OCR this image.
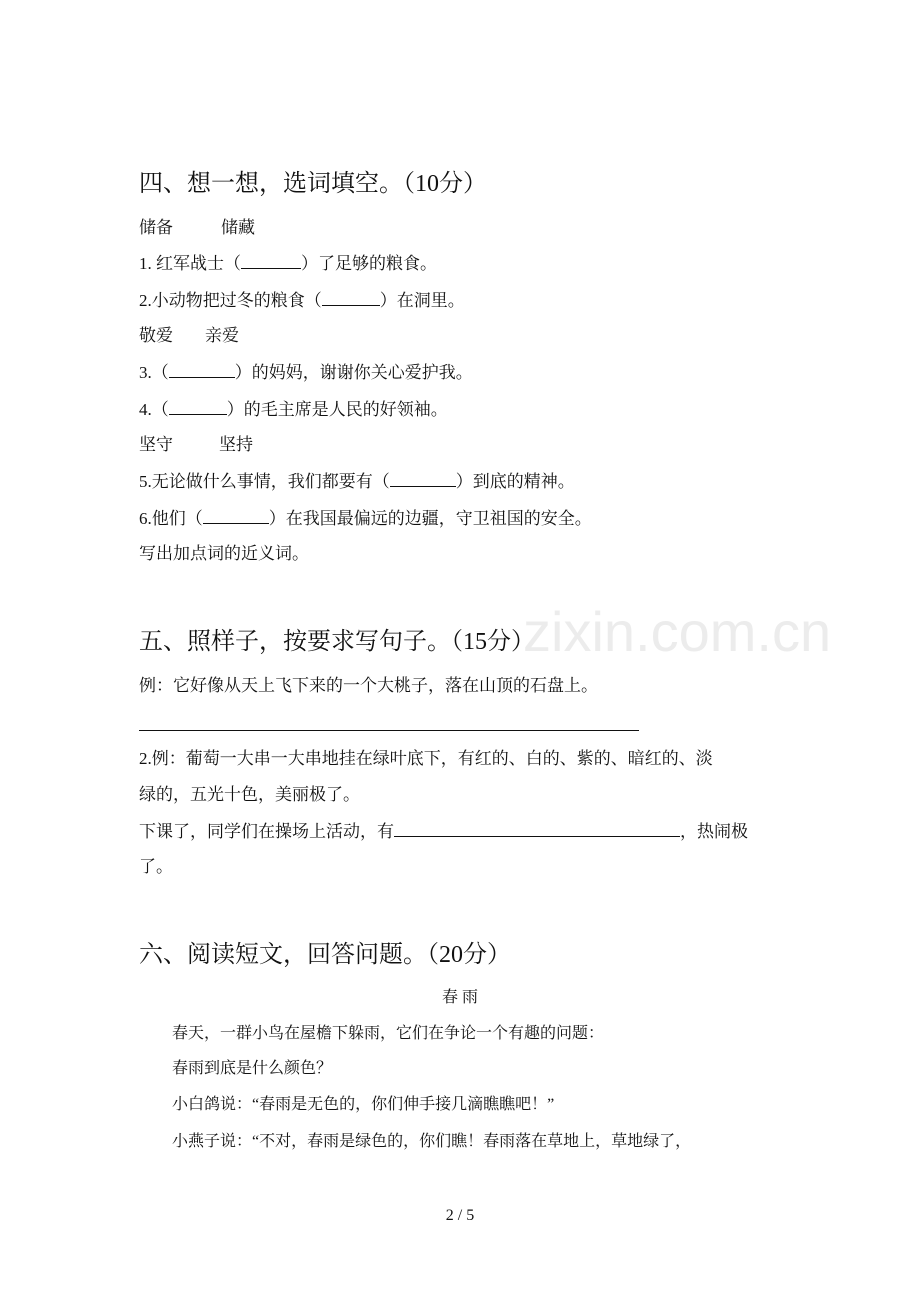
zixin.com.cn
四、想一想，选词填空。（10分）
储备	储藏
1. 红军战士（	）了足够的粮食。
2.小动物把过冬的粮食（	）在洞里。
敬爱 亲爱
3.（	）的妈妈，谢谢你关心爱护我。
4.（	）的毛主席是人民的好领袖。
坚守	坚持
5.无论做什么事情，我们都要有（	）到底的精神。
6.他们（	）在我国最偏远的边疆，守卫祖国的安全。
写出加点词的近义词。
五、照样子，按要求写句子。（15分）
例：它好像从天上飞下来的一个大桃子，落在山顶的石盘上。
2.例：葡萄一大串一大串地挂在绿叶底下，有红的、白的、紫的、暗红的、淡
绿的，五光十色，美丽极了。
下课了，同学们在操场上活动，有	，热闹极
了。
六、阅读短文，回答问题。（20分）
春 雨
春天，一群小鸟在屋檐下躲雨，它们在争论一个有趣的问题：
春雨到底是什么颜色？
小白鸽说：“春雨是无色的，你们伸手接几滴瞧瞧吧！”
小燕子说：“不对，春雨是绿色的，你们瞧！春雨落在草地上，草地绿了，
2 / 5
